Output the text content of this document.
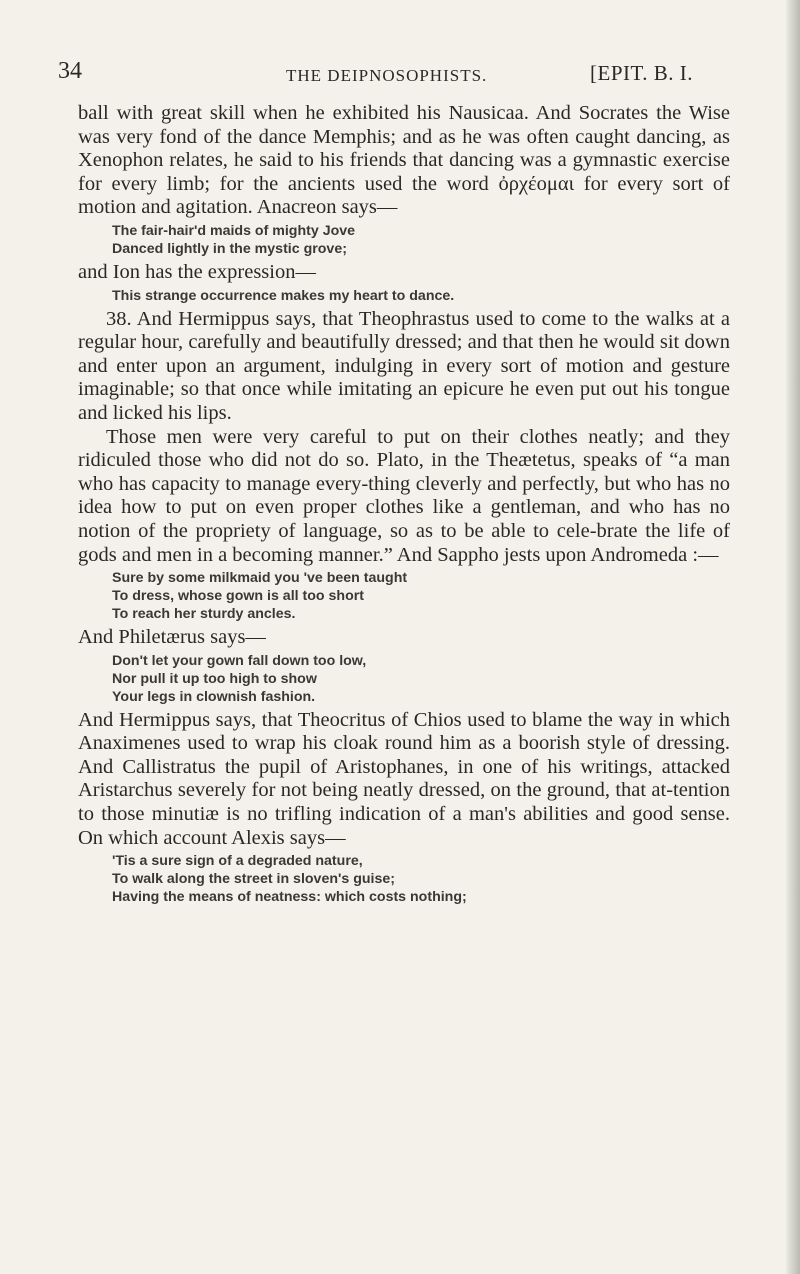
34	THE DEIPNOSOPHISTS.	[EPIT. B. I.

ball with great skill when he exhibited his Nausicaa. And Socrates the Wise was very fond of the dance Memphis; and as he was often caught dancing, as Xenophon relates, he said to his friends that dancing was a gymnastic exercise for every limb; for the ancients used the word ὀρχέομαι for every sort of motion and agitation. Anacreon says—

The fair-hair'd maids of mighty Jove
Danced lightly in the mystic grove;

and Ion has the expression—

This strange occurrence makes my heart to dance.

38. And Hermippus says, that Theophrastus used to come to the walks at a regular hour, carefully and beautifully dressed; and that then he would sit down and enter upon an argument, indulging in every sort of motion and gesture imaginable; so that once while imitating an epicure he even put out his tongue and licked his lips.

Those men were very careful to put on their clothes neatly; and they ridiculed those who did not do so. Plato, in the Theætetus, speaks of “a man who has capacity to manage every-thing cleverly and perfectly, but who has no idea how to put on even proper clothes like a gentleman, and who has no notion of the propriety of language, so as to be able to cele-brate the life of gods and men in a becoming manner.” And Sappho jests upon Andromeda :—

Sure by some milkmaid you 've been taught
To dress, whose gown is all too short
To reach her sturdy ancles.

And Philetærus says—

Don't let your gown fall down too low,
Nor pull it up too high to show
Your legs in clownish fashion.

And Hermippus says, that Theocritus of Chios used to blame the way in which Anaximenes used to wrap his cloak round him as a boorish style of dressing. And Callistratus the pupil of Aristophanes, in one of his writings, attacked Aristarchus severely for not being neatly dressed, on the ground, that at-tention to those minutiæ is no trifling indication of a man's abilities and good sense. On which account Alexis says—

'Tis a sure sign of a degraded nature,
To walk along the street in sloven's guise;
Having the means of neatness: which costs nothing;
